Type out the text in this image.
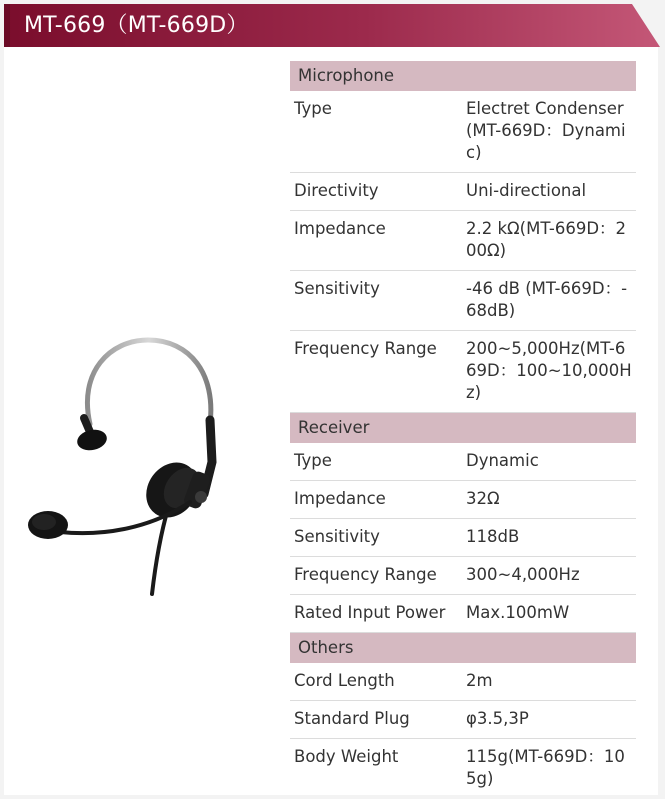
MT-669（MT-669D）
Microphone	
Type	Electret Condenser (MT-669D：Dynamic)
Directivity	Uni-directional
Impedance	2.2 kΩ(MT-669D：200Ω)
Sensitivity	-46 dB (MT-669D：-68dB)
Frequency Range	200~5,000Hz(MT-669D：100~10,000Hz)
Receiver	
Type	Dynamic
Impedance	32Ω
Sensitivity	118dB
Frequency Range	300~4,000Hz
Rated Input Power	Max.100mW
Others	
Cord Length	2m
Standard Plug	φ3.5,3P
Body Weight	115g(MT-669D：105g)
